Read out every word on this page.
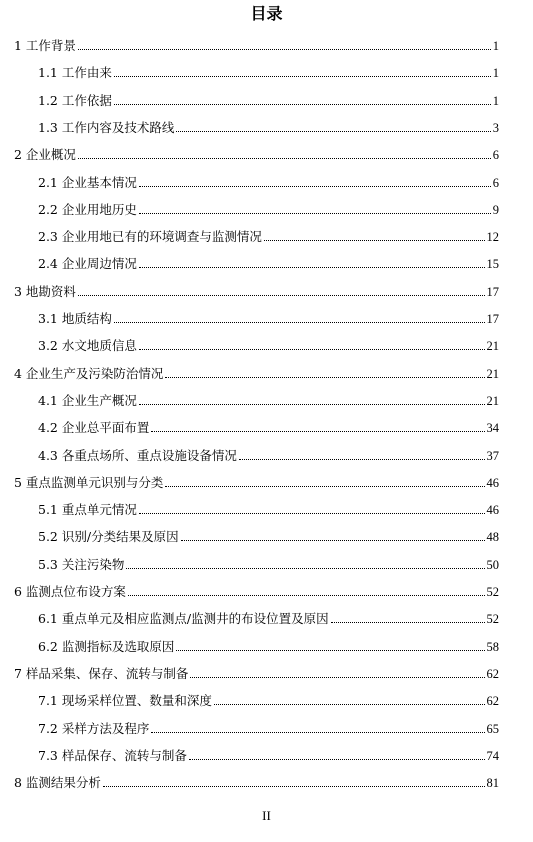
目录
1 工作背景	1
1.1 工作由来	1
1.2 工作依据	1
1.3 工作内容及技术路线	3
2 企业概况	6
2.1 企业基本情况	6
2.2 企业用地历史	9
2.3 企业用地已有的环境调查与监测情况	12
2.4 企业周边情况	15
3 地勘资料	17
3.1 地质结构	17
3.2 水文地质信息	21
4 企业生产及污染防治情况	21
4.1 企业生产概况	21
4.2 企业总平面布置	34
4.3 各重点场所、重点设施设备情况	37
5 重点监测单元识别与分类	46
5.1 重点单元情况	46
5.2 识别/分类结果及原因	48
5.3 关注污染物	50
6 监测点位布设方案	52
6.1 重点单元及相应监测点/监测井的布设位置及原因	52
6.2 监测指标及选取原因	58
7 样品采集、保存、流转与制备	62
7.1 现场采样位置、数量和深度	62
7.2 采样方法及程序	65
7.3 样品保存、流转与制备	74
8 监测结果分析	81
II
